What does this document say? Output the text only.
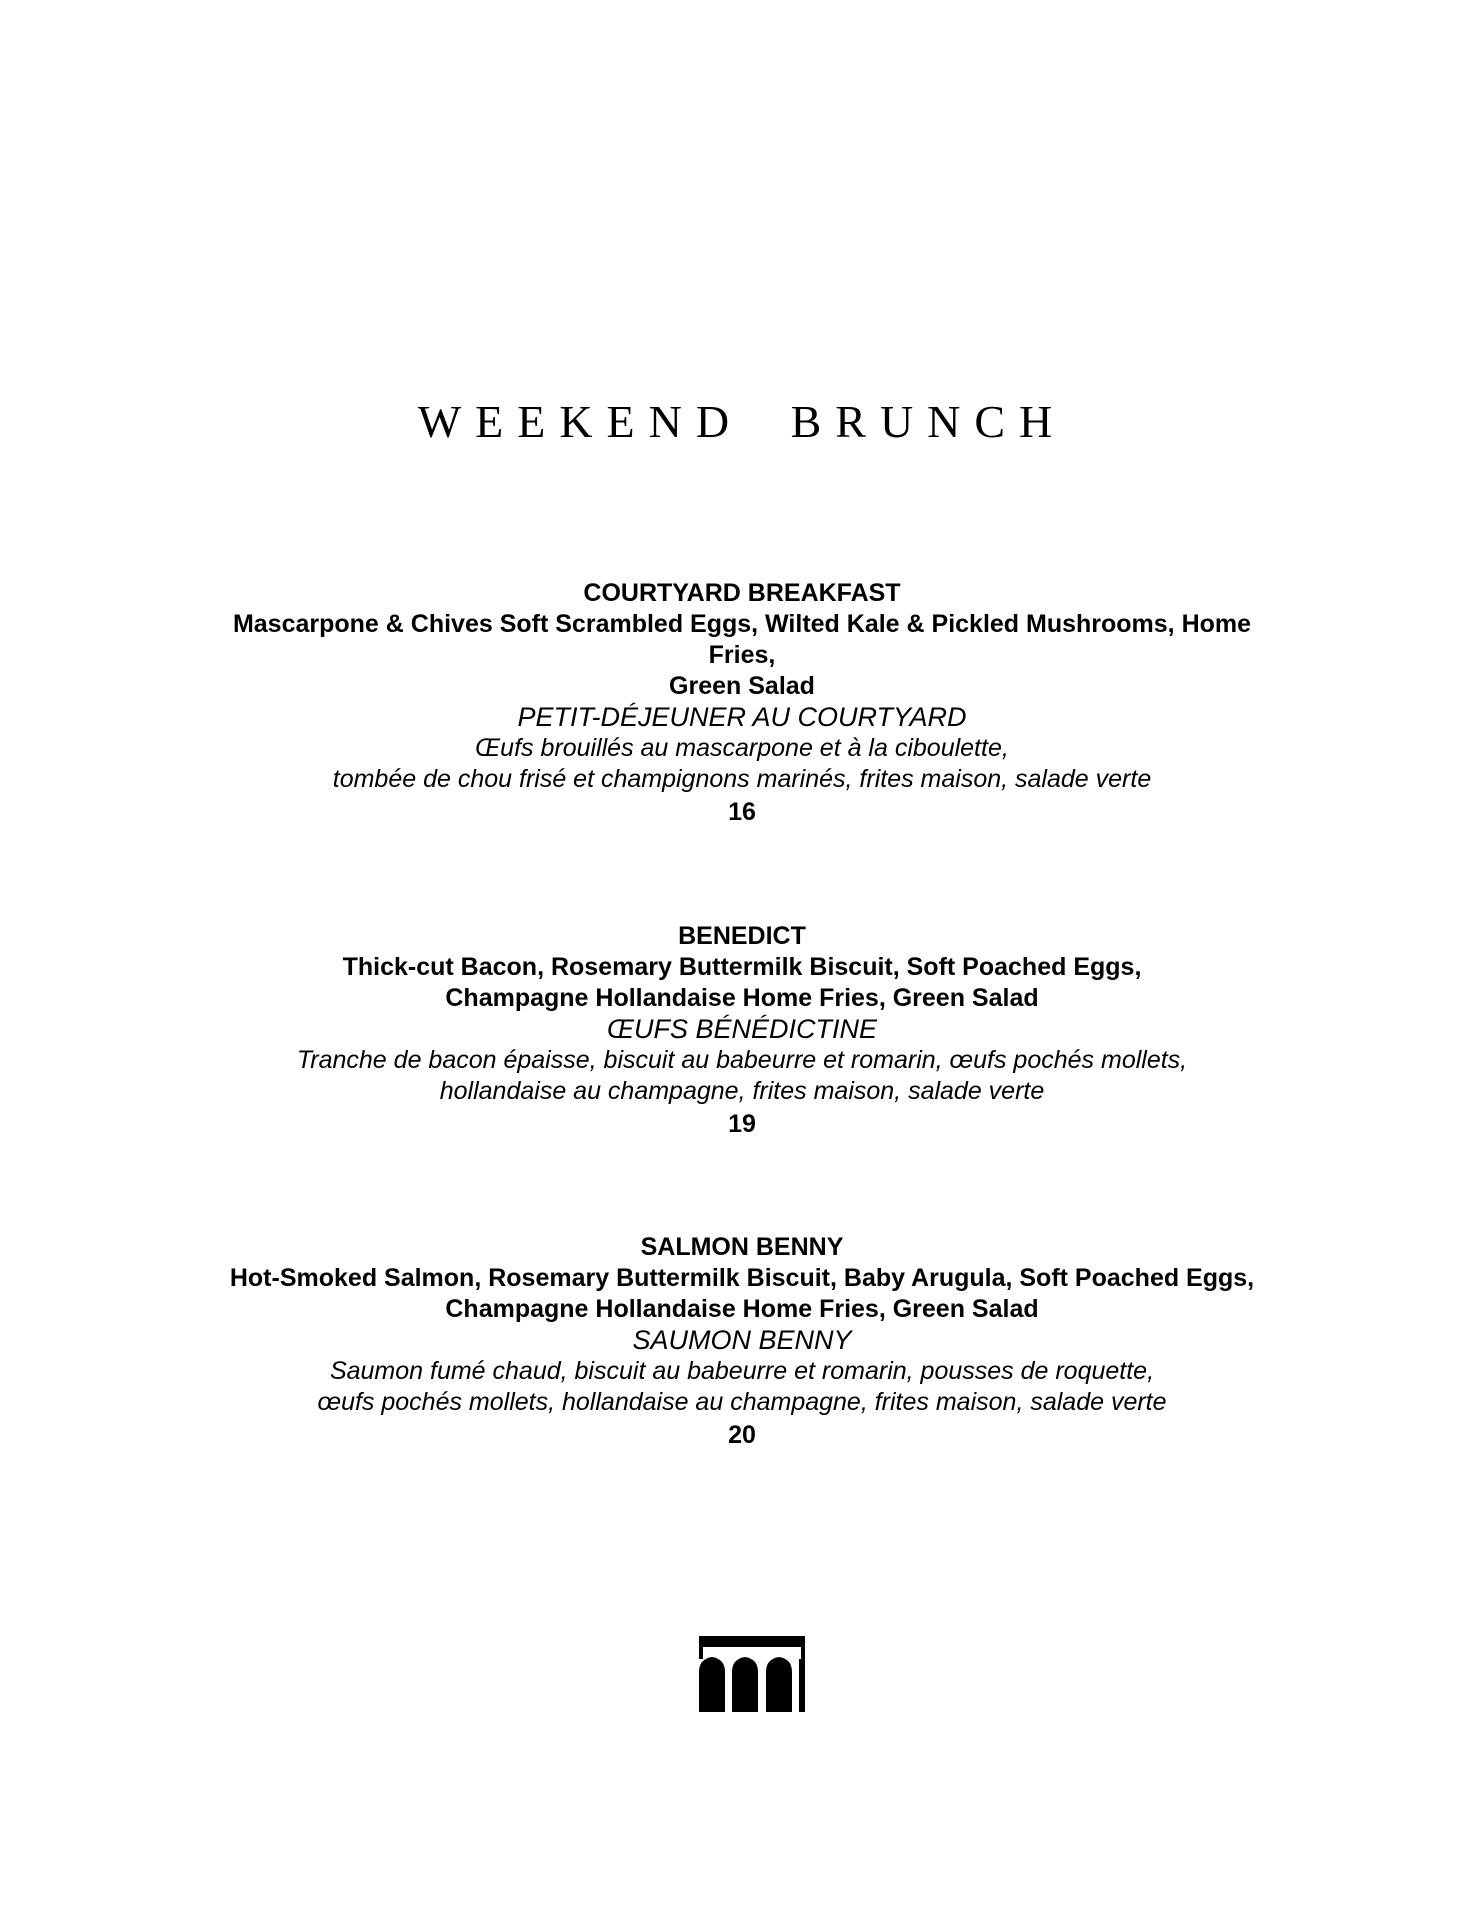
WEEKEND BRUNCH
COURTYARD BREAKFAST
Mascarpone & Chives Soft Scrambled Eggs, Wilted Kale & Pickled Mushrooms, Home
Fries,
Green Salad
PETIT-DÉJEUNER AU COURTYARD
Œufs brouillés au mascarpone et à la ciboulette,
tombée de chou frisé et champignons marinés, frites maison, salade verte
16
BENEDICT
Thick-cut Bacon, Rosemary Buttermilk Biscuit, Soft Poached Eggs,
Champagne Hollandaise Home Fries, Green Salad
ŒUFS BÉNÉDICTINE
Tranche de bacon épaisse, biscuit au babeurre et romarin, œufs pochés mollets,
hollandaise au champagne, frites maison, salade verte
19
SALMON BENNY
Hot-Smoked Salmon, Rosemary Buttermilk Biscuit, Baby Arugula, Soft Poached Eggs,
Champagne Hollandaise Home Fries, Green Salad
SAUMON BENNY
Saumon fumé chaud, biscuit au babeurre et romarin, pousses de roquette,
œufs pochés mollets, hollandaise au champagne, frites maison, salade verte
20
